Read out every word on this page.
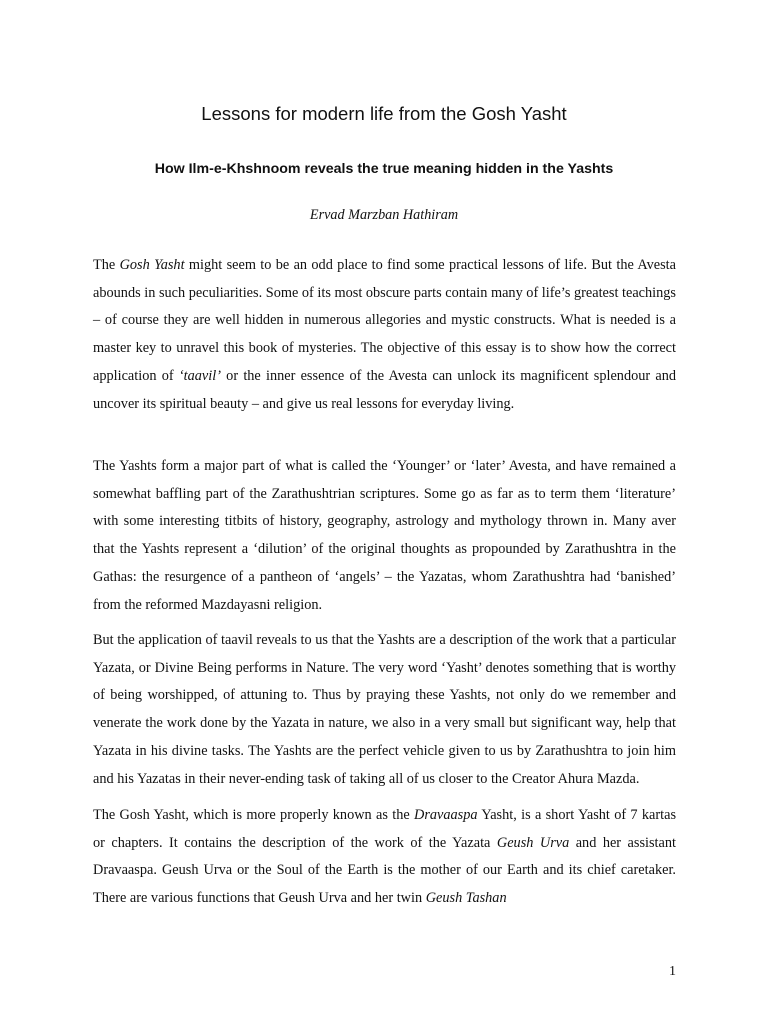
Lessons for modern life from the Gosh Yasht
How Ilm-e-Khshnoom reveals the true meaning hidden in the Yashts
Ervad Marzban Hathiram

The Gosh Yasht might seem to be an odd place to find some practical lessons of life. But the Avesta abounds in such peculiarities. Some of its most obscure parts contain many of life’s greatest teachings – of course they are well hidden in numerous allegories and mystic constructs. What is needed is a master key to unravel this book of mysteries. The objective of this essay is to show how the correct application of ‘taavil’ or the inner essence of the Avesta can unlock its magnificent splendour and uncover its spiritual beauty – and give us real lessons for everyday living.

The Yashts form a major part of what is called the ‘Younger’ or ‘later’ Avesta, and have remained a somewhat baffling part of the Zarathushtrian scriptures. Some go as far as to term them ‘literature’ with some interesting titbits of history, geography, astrology and mythology thrown in. Many aver that the Yashts represent a ‘dilution’ of the original thoughts as propounded by Zarathushtra in the Gathas: the resurgence of a pantheon of ‘angels’ – the Yazatas, whom Zarathushtra had ‘banished’ from the reformed Mazdayasni religion.

But the application of taavil reveals to us that the Yashts are a description of the work that a particular Yazata, or Divine Being performs in Nature. The very word ‘Yasht’ denotes something that is worthy of being worshipped, of attuning to. Thus by praying these Yashts, not only do we remember and venerate the work done by the Yazata in nature, we also in a very small but significant way, help that Yazata in his divine tasks. The Yashts are the perfect vehicle given to us by Zarathushtra to join him and his Yazatas in their never-ending task of taking all of us closer to the Creator Ahura Mazda.

The Gosh Yasht, which is more properly known as the Dravaaspa Yasht, is a short Yasht of 7 kartas or chapters. It contains the description of the work of the Yazata Geush Urva and her assistant Dravaaspa. Geush Urva or the Soul of the Earth is the mother of our Earth and its chief caretaker. There are various functions that Geush Urva and her twin Geush Tashan

1
